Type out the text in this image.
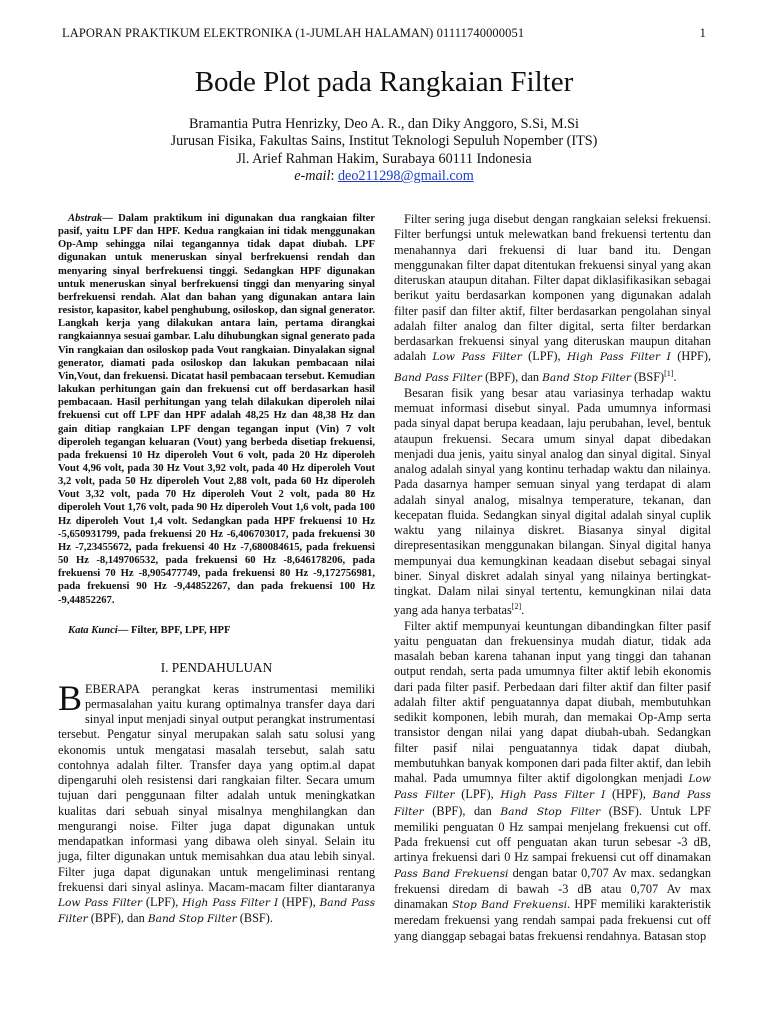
LAPORAN PRAKTIKUM ELEKTRONIKA (1-JUMLAH HALAMAN) 01111740000051	1
Bode Plot pada Rangkaian Filter
Bramantia Putra Henrizky, Deo A. R., dan Diky Anggoro, S.Si, M.Si
Jurusan Fisika, Fakultas Sains, Institut Teknologi Sepuluh Nopember (ITS)
Jl. Arief Rahman Hakim, Surabaya 60111 Indonesia
e-mail: deo211298@gmail.com

Abstrak— Dalam praktikum ini digunakan dua rangkaian filter pasif, yaitu LPF dan HPF. Kedua rangkaian ini tidak menggunakan Op-Amp sehingga nilai tegangannya tidak dapat diubah. LPF digunakan untuk meneruskan sinyal berfrekuensi rendah dan menyaring sinyal berfrekuensi tinggi. Sedangkan HPF digunakan untuk meneruskan sinyal berfrekuensi tinggi dan menyaring sinyal berfrekuensi rendah. Alat dan bahan yang digunakan antara lain resistor, kapasitor, kabel penghubung, osiloskop, dan signal generator. Langkah kerja yang dilakukan antara lain, pertama dirangkai rangkaiannya sesuai gambar. Lalu dihubungkan signal generato pada Vin rangkaian dan osiloskop pada Vout rangkaian. Dinyalakan signal generator, diamati pada osiloskop dan lakukan pembacaan nilai Vin,Vout, dan frekuensi. Dicatat hasil pembacaan tersebut. Kemudian lakukan perhitungan gain dan frekuensi cut off berdasarkan hasil pembacaan. Hasil perhitungan yang telah dilakukan diperoleh nilai frekuensi cut off LPF dan HPF adalah 48,25 Hz dan 48,38 Hz dan gain ditiap rangkaian LPF dengan tegangan input (Vin) 7 volt diperoleh tegangan keluaran (Vout) yang berbeda disetiap frekuensi, pada frekuensi 10 Hz diperoleh Vout 6 volt, pada 20 Hz diperoleh Vout 4,96 volt, pada 30 Hz Vout 3,92 volt, pada 40 Hz diperoleh Vout 3,2 volt, pada 50 Hz diperoleh Vout 2,88 volt, pada 60 Hz diperoleh Vout 3,32 volt, pada 70 Hz diperoleh Vout 2 volt, pada 80 Hz diperoleh Vout 1,76 volt, pada 90 Hz diperoleh Vout 1,6 volt, pada 100 Hz diperoleh Vout 1,4 volt. Sedangkan pada HPF frekuensi 10 Hz -5,650931799, pada frekuensi 20 Hz -6,406703017, pada frekuensi 30 Hz -7,23455672, pada frekuensi 40 Hz -7,680084615, pada frekuensi 50 Hz -8,149706532, pada frekuensi 60 Hz -8,646178206, pada frekuensi 70 Hz -8,905477749, pada frekuensi 80 Hz -9,172756981, pada frekuensi 90 Hz -9,44852267, dan pada frekuensi 100 Hz -9,44852267.

Kata Kunci— Filter, BPF, LPF, HPF

I. PENDAHULUAN

BEBERAPA perangkat keras instrumentasi memiliki permasalahan yaitu kurang optimalnya transfer daya dari sinyal input menjadi sinyal output perangkat instrumentasi tersebut. Pengatur sinyal merupakan salah satu solusi yang ekonomis untuk mengatasi masalah tersebut, salah satu contohnya adalah filter. Transfer daya yang optim.al dapat dipengaruhi oleh resistensi dari rangkaian filter. Secara umum tujuan dari penggunaan filter adalah untuk meningkatkan kualitas dari sebuah sinyal misalnya menghilangkan dan mengurangi noise. Filter juga dapat digunakan untuk mendapatkan informasi yang dibawa oleh sinyal. Selain itu juga, filter digunakan untuk memisahkan dua atau lebih sinyal. Filter juga dapat digunakan untuk mengeliminasi rentang frekuensi dari sinyal aslinya. Macam-macam filter diantaranya Low Pass Filter (LPF), High Pass Filter I (HPF), Band Pass Filter (BPF), dan Band Stop Filter (BSF).

Filter sering juga disebut dengan rangkaian seleksi frekuensi. Filter berfungsi untuk melewatkan band frekuensi tertentu dan menahannya dari frekuensi di luar band itu. Dengan menggunakan filter dapat ditentukan frekuensi sinyal yang akan diteruskan ataupun ditahan. Filter dapat diklasifikasikan sebagai berikut yaitu berdasarkan komponen yang digunakan adalah filter pasif dan filter aktif, filter berdasarkan pengolahan sinyal adalah filter analog dan filter digital, serta filter berdarkan berdasarkan frekuensi sinyal yang diteruskan maupun ditahan adalah Low Pass Filter (LPF), High Pass Filter I (HPF), Band Pass Filter (BPF), dan Band Stop Filter (BSF)[1].

Besaran fisik yang besar atau variasinya terhadap waktu memuat informasi disebut sinyal. Pada umumnya informasi pada sinyal dapat berupa keadaan, laju perubahan, level, bentuk ataupun frekuensi. Secara umum sinyal dapat dibedakan menjadi dua jenis, yaitu sinyal analog dan sinyal digital. Sinyal analog adalah sinyal yang kontinu terhadap waktu dan nilainya. Pada dasarnya hamper semuan sinyal yang terdapat di alam adalah sinyal analog, misalnya temperature, tekanan, dan kecepatan fluida. Sedangkan sinyal digital adalah sinyal cuplik waktu yang nilainya diskret. Biasanya sinyal digital direpresentasikan menggunakan bilangan. Sinyal digital hanya mempunyai dua kemungkinan keadaan disebut sebagai sinyal biner. Sinyal diskret adalah sinyal yang nilainya bertingkat-tingkat. Dalam nilai sinyal tertentu, kemungkinan nilai data yang ada hanya terbatas[2].

Filter aktif mempunyai keuntungan dibandingkan filter pasif yaitu penguatan dan frekuensinya mudah diatur, tidak ada masalah beban karena tahanan input yang tinggi dan tahanan output rendah, serta pada umumnya filter aktif lebih ekonomis dari pada filter pasif. Perbedaan dari filter aktif dan filter pasif adalah filter aktif penguatannya dapat diubah, membutuhkan sedikit komponen, lebih murah, dan memakai Op-Amp serta transistor dengan nilai yang dapat diubah-ubah. Sedangkan filter pasif nilai penguatannya tidak dapat diubah, membutuhkan banyak komponen dari pada filter aktif, dan lebih mahal. Pada umumnya filter aktif digolongkan menjadi Low Pass Filter (LPF), High Pass Filter I (HPF), Band Pass Filter (BPF), dan Band Stop Filter (BSF). Untuk LPF memiliki penguatan 0 Hz sampai menjelang frekuensi cut off. Pada frekuensi cut off penguatan akan turun sebesar -3 dB, artinya frekuensi dari 0 Hz sampai frekuensi cut off dinamakan Pass Band Frekuensi dengan batar 0,707 Av max. sedangkan frekuensi diredam di bawah -3 dB atau 0,707 Av max dinamakan Stop Band Frekuensi. HPF memiliki karakteristik meredam frekuensi yang rendah sampai pada frekuensi cut off yang dianggap sebagai batas frekuensi rendahnya. Batasan stop
